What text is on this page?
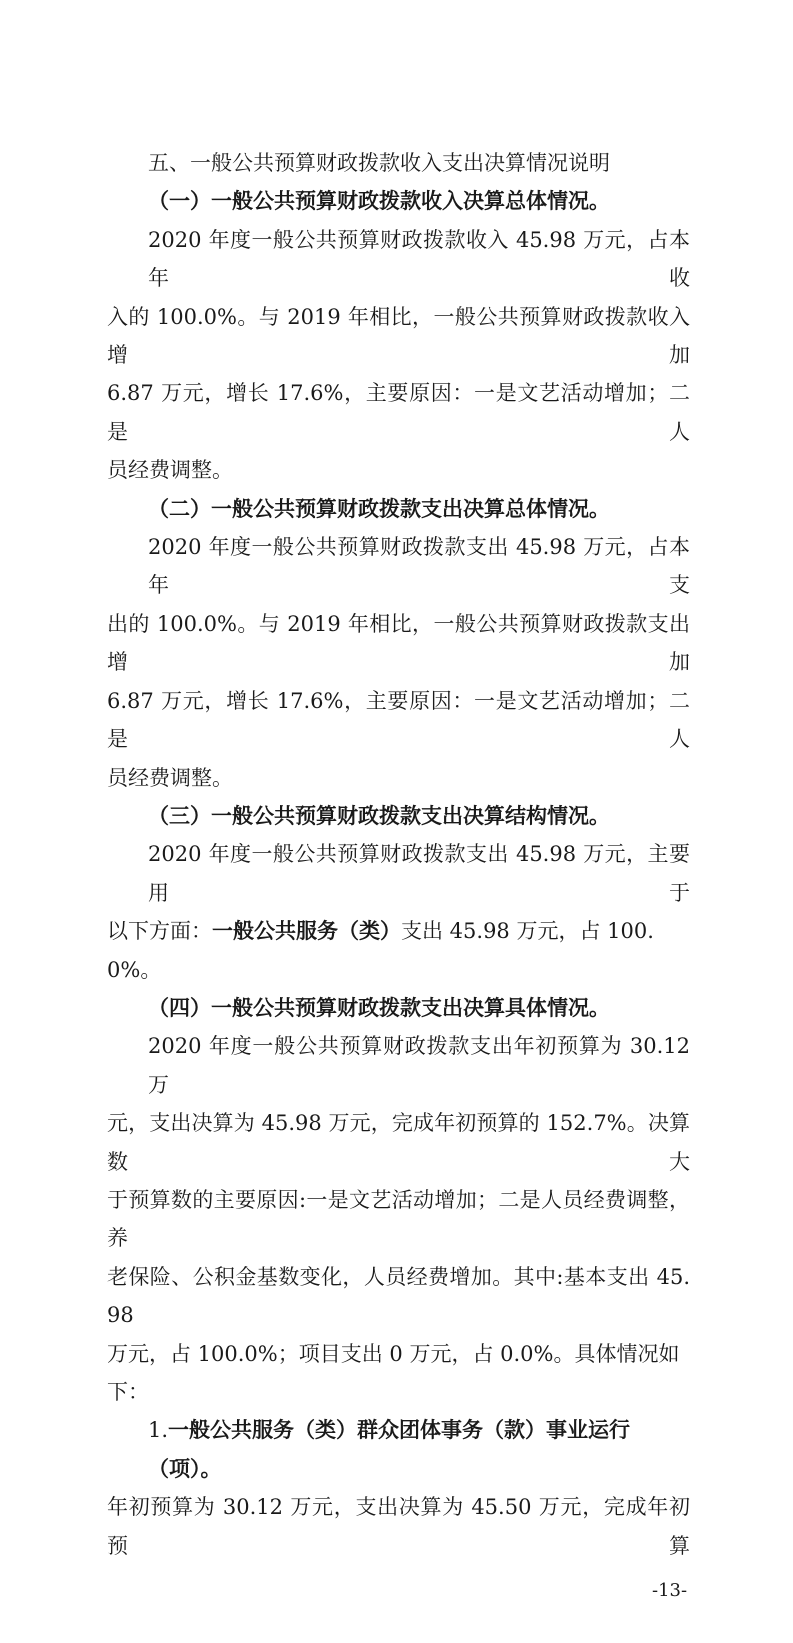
五、一般公共预算财政拨款收入支出决算情况说明
（一）一般公共预算财政拨款收入决算总体情况。
2020 年度一般公共预算财政拨款收入 45.98 万元，占本年收
入的 100.0%。与 2019 年相比，一般公共预算财政拨款收入增加
6.87 万元，增长 17.6%，主要原因：一是文艺活动增加；二是人
员经费调整。
（二）一般公共预算财政拨款支出决算总体情况。
2020 年度一般公共预算财政拨款支出 45.98 万元，占本年支
出的 100.0%。与 2019 年相比，一般公共预算财政拨款支出增加
6.87 万元，增长 17.6%，主要原因：一是文艺活动增加；二是人
员经费调整。
（三）一般公共预算财政拨款支出决算结构情况。
2020 年度一般公共预算财政拨款支出 45.98 万元，主要用于
以下方面：一般公共服务（类）支出 45.98 万元，占 100.0%。
（四）一般公共预算财政拨款支出决算具体情况。
2020 年度一般公共预算财政拨款支出年初预算为 30.12 万
元，支出决算为 45.98 万元，完成年初预算的 152.7%。决算数大
于预算数的主要原因:一是文艺活动增加；二是人员经费调整，养
老保险、公积金基数变化，人员经费增加。其中:基本支出 45.98
万元，占 100.0%；项目支出 0 万元，占 0.0%。具体情况如下：
1.一般公共服务（类）群众团体事务（款）事业运行（项）。
年初预算为 30.12 万元，支出决算为 45.50 万元，完成年初预算
-13-
